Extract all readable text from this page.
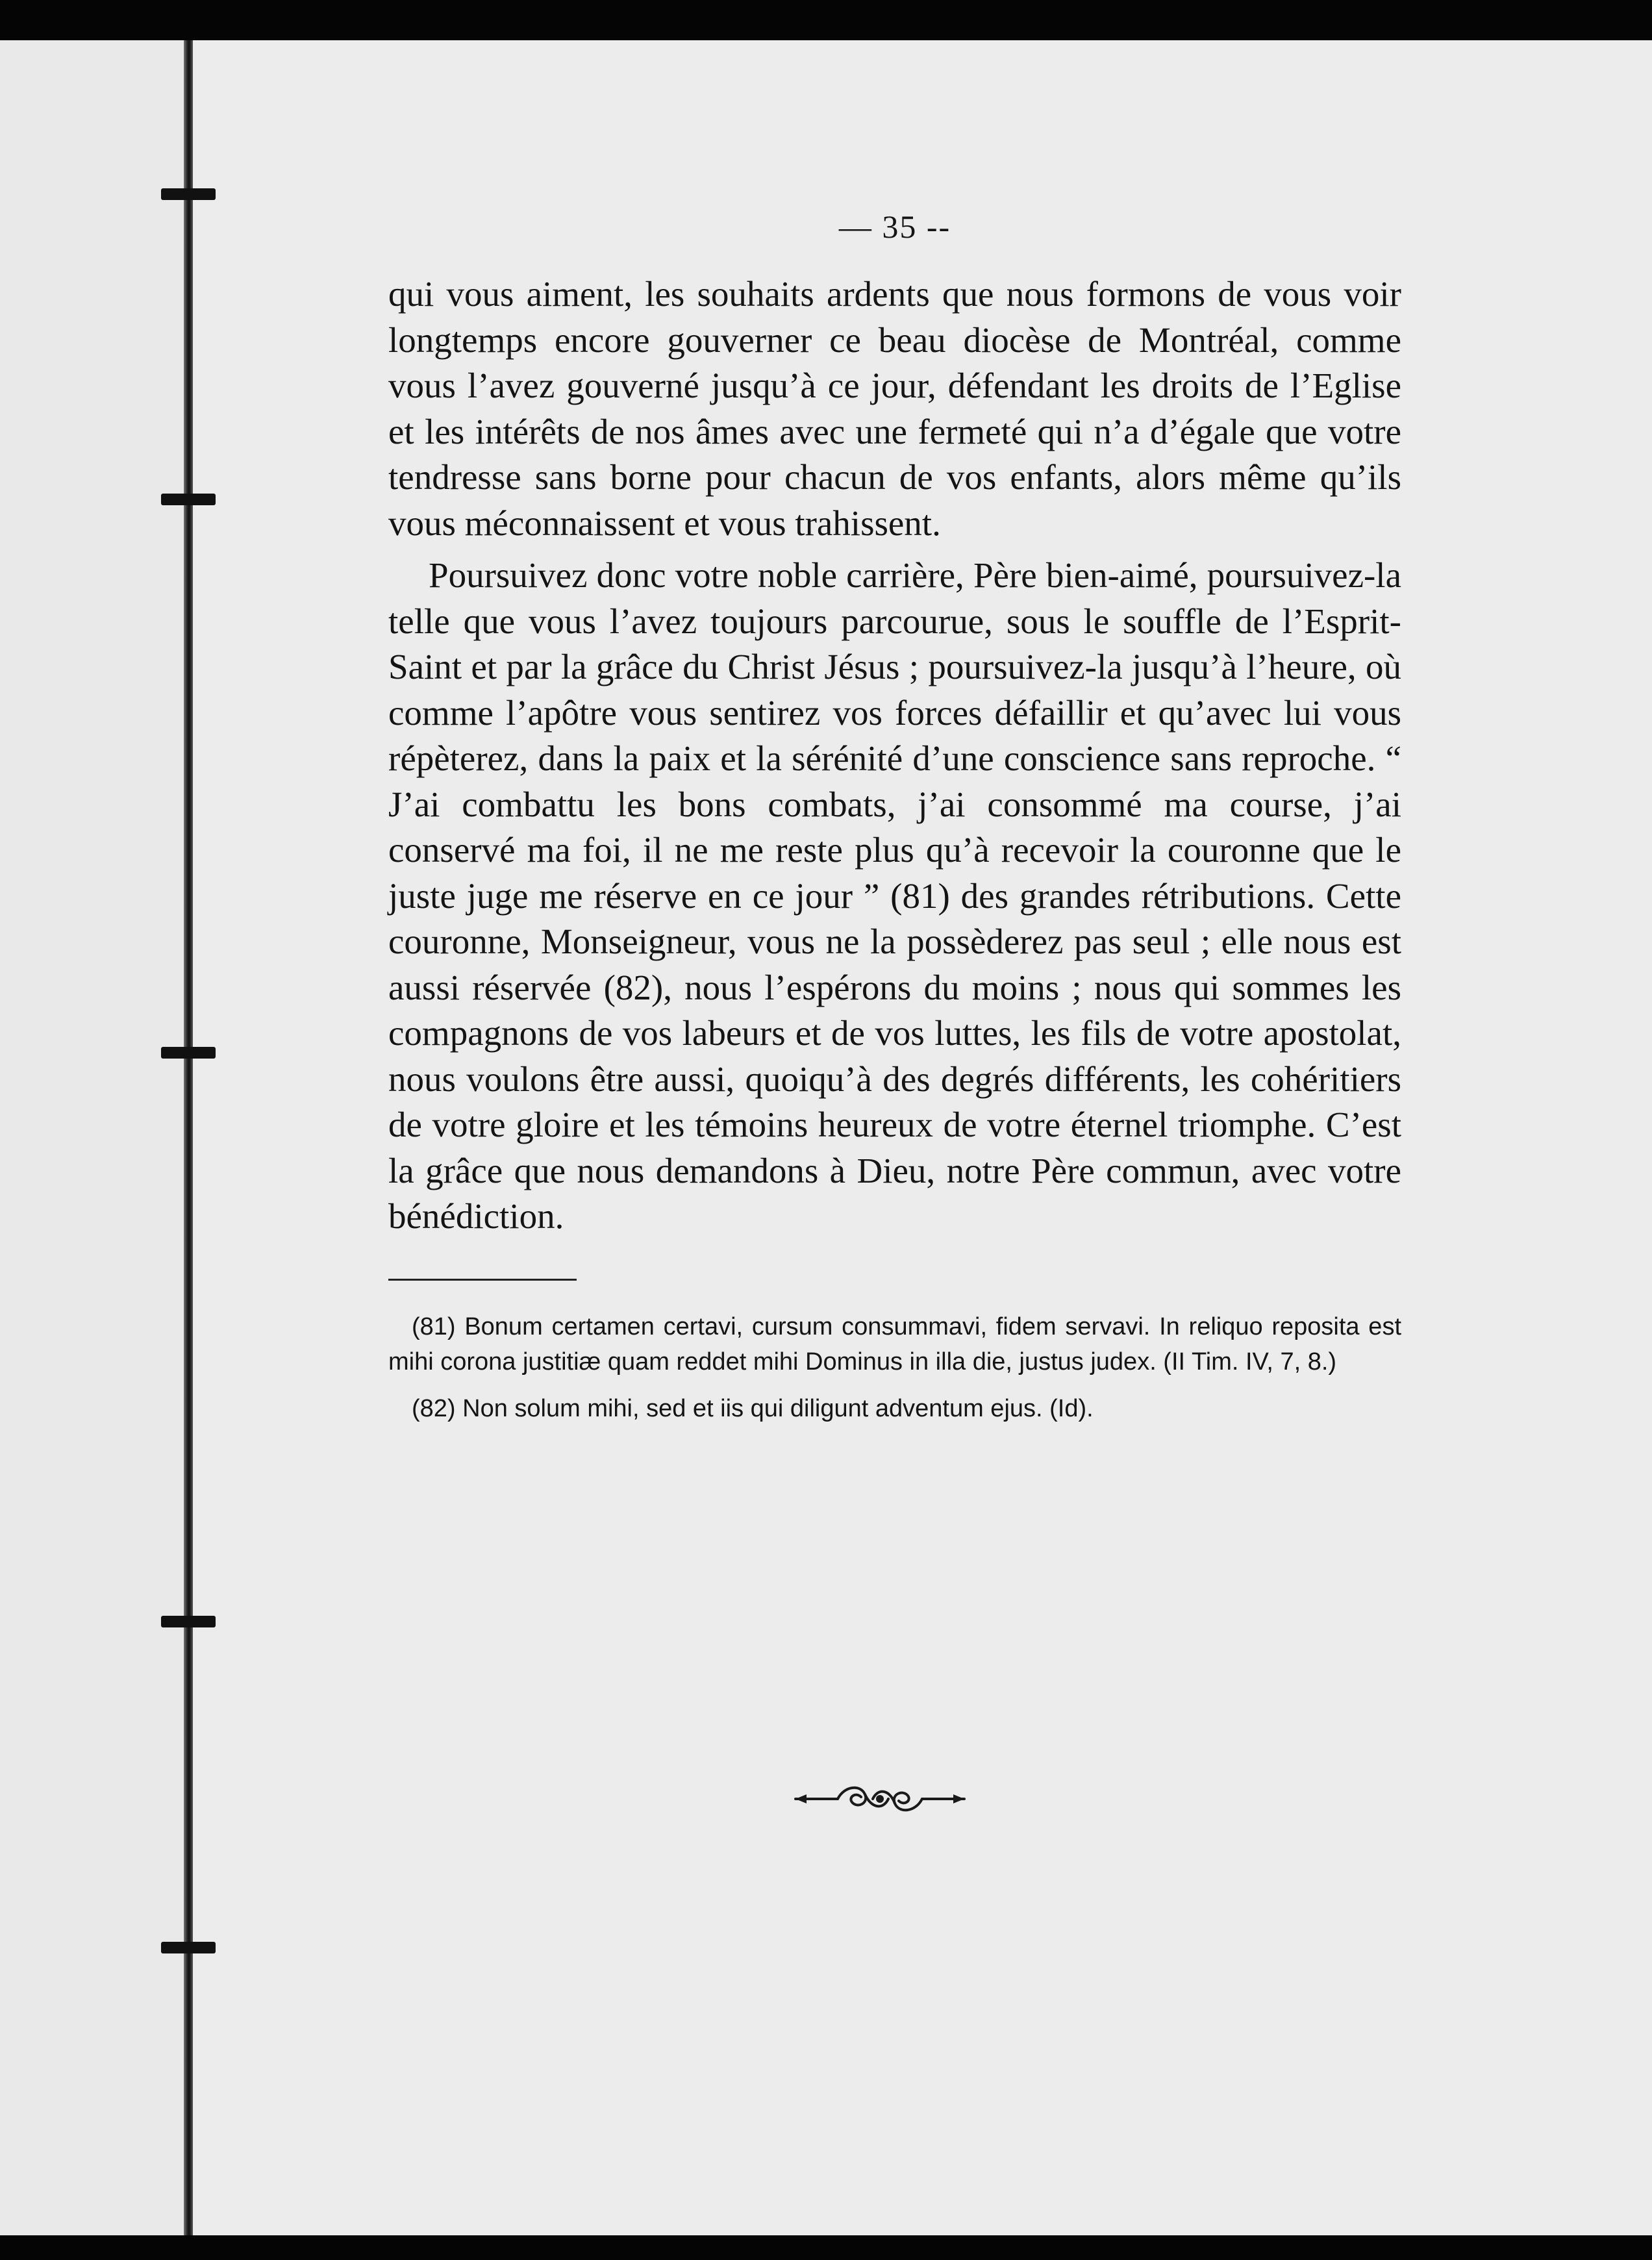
— 35 --

qui vous aiment, les souhaits ardents que nous formons de vous voir longtemps encore gouverner ce beau diocèse de Montréal, comme vous l’avez gouverné jusqu’à ce jour, défendant les droits de l’Eglise et les intérêts de nos âmes avec une fermeté qui n’a d’égale que votre tendresse sans borne pour chacun de vos enfants, alors même qu’ils vous méconnaissent et vous trahissent.

Poursuivez donc votre noble carrière, Père bien-aimé, poursuivez-la telle que vous l’avez toujours parcourue, sous le souffle de l’Esprit-Saint et par la grâce du Christ Jésus ; poursuivez-la jusqu’à l’heure, où comme l’apôtre vous sentirez vos forces défaillir et qu’avec lui vous répèterez, dans la paix et la sérénité d’une conscience sans reproche. “ J’ai combattu les bons combats, j’ai consommé ma course, j’ai conservé ma foi, il ne me reste plus qu’à recevoir la couronne que le juste juge me réserve en ce jour ” (81) des grandes rétributions. Cette couronne, Monseigneur, vous ne la possèderez pas seul ; elle nous est aussi réservée (82), nous l’espérons du moins ; nous qui sommes les compagnons de vos labeurs et de vos luttes, les fils de votre apostolat, nous voulons être aussi, quoiqu’à des degrés différents, les cohéritiers de votre gloire et les témoins heureux de votre éternel triomphe. C’est la grâce que nous demandons à Dieu, notre Père commun, avec votre bénédiction.

(81) Bonum certamen certavi, cursum consummavi, fidem servavi. In reliquo reposita est mihi corona justitiæ quam reddet mihi Dominus in illa die, justus judex. (II Tim. IV, 7, 8.)

(82) Non solum mihi, sed et iis qui diligunt adventum ejus. (Id).
